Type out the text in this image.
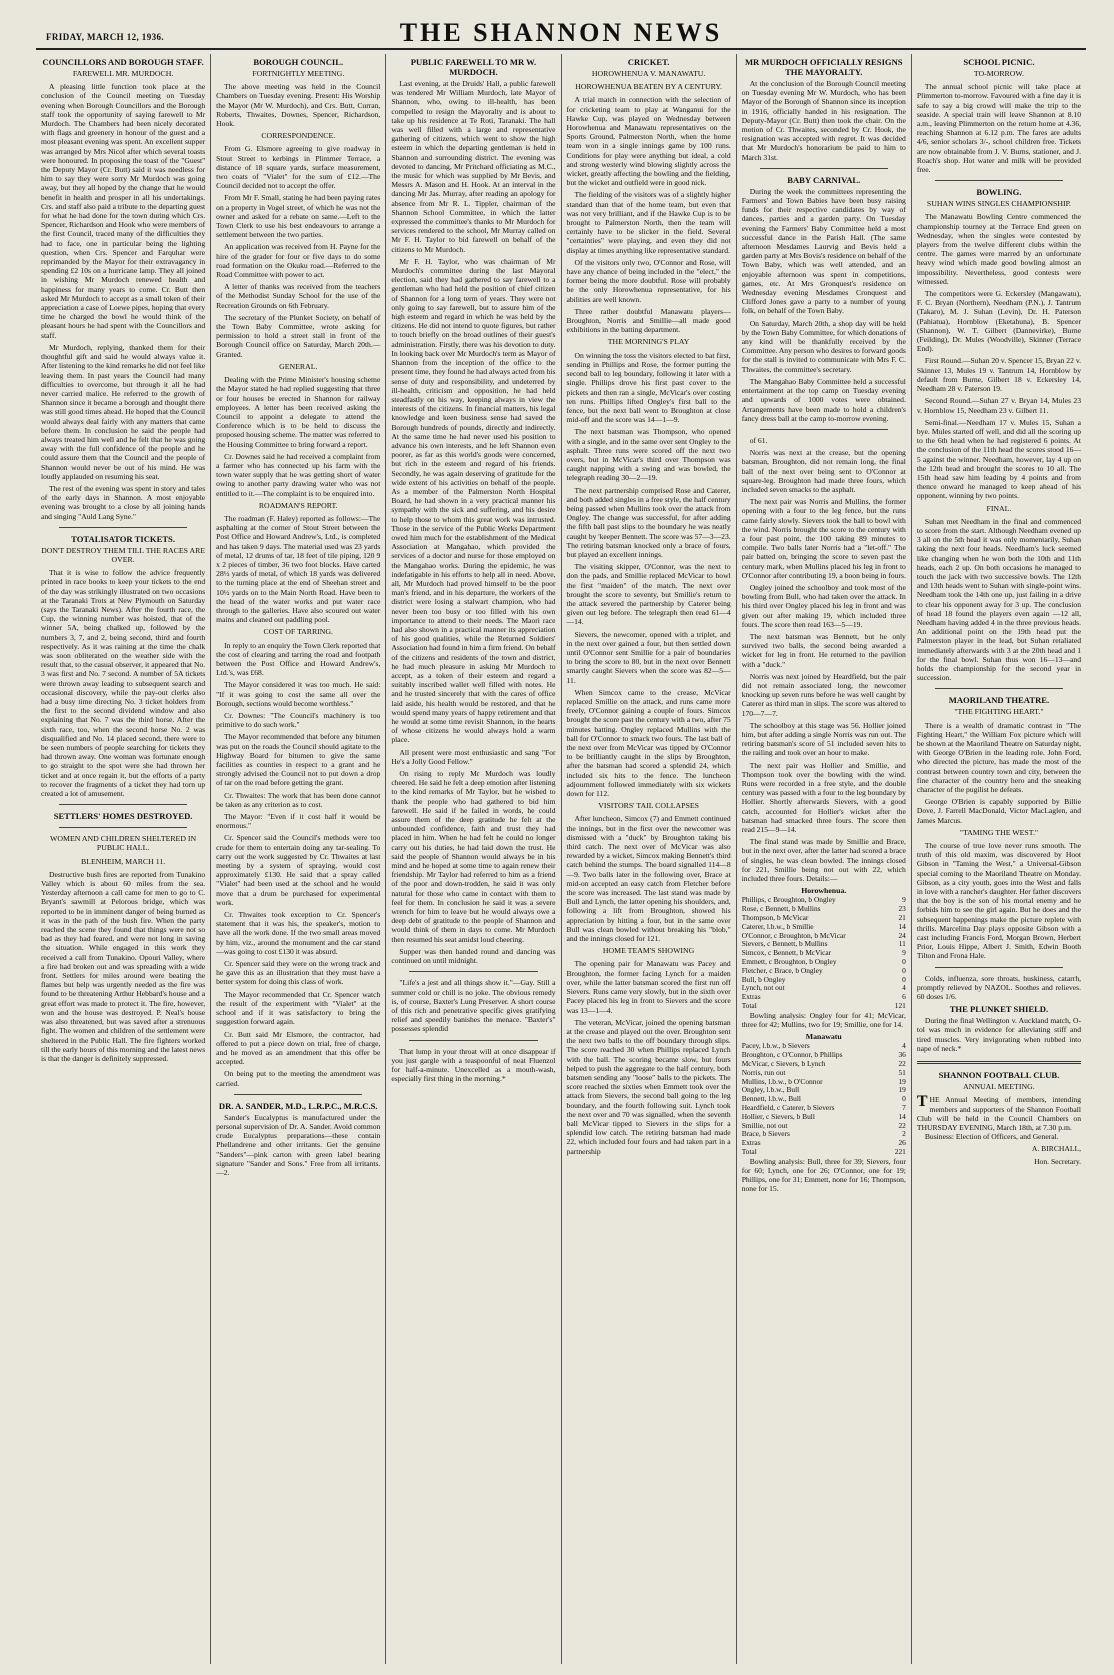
FRIDAY, MARCH 12, 1936.	THE SHANNON NEWS
COUNCILLORS AND BOROUGH STAFF.
FAREWELL MR. MURDOCH.

A pleasing little function took place at the conclusion of the Council meeting on Tuesday evening when Borough Councillors and the Borough staff took the opportunity of saying farewell to Mr Murdoch. The Chambers had been nicely decorated with flags and greenery in honour of the guest and a most pleasant evening was spent. An excellent supper was arranged by Mrs Nicol after which several toasts were honoured. In proposing the toast of the "Guest" the Deputy Mayor (Cr. Butt) said it was needless for him to say they were sorry Mr Murdoch was going away, but they all hoped by the change that he would benefit in health and prosper in all his undertakings. Crs. and staff also paid a tribute to the departing guest for what he had done for the town during which Crs. Spencer, Richardson and Hook who were members of the first Council, traced many of the difficulties they had to face, one in particular being the lighting question, when Crs. Spencer and Farquhar were reprimanded by the Mayor for their extravagancy in spending £2 10s on a hurricane lamp. They all joined in wishing Mr Murdoch renewed health and happiness for many years to come. Cr. Butt then asked Mr Murdoch to accept as a small token of their appreciation a case of Loewe pipes, hoping that every time he charged the bowl he would think of the pleasant hours he had spent with the Councillors and staff.

Mr Murdoch, replying, thanked them for their thoughtful gift and said he would always value it. After listening to the kind remarks he did not feel like leaving them. In past years the Council had many difficulties to overcome, but through it all he had never carried malice. He referred to the growth of Shannon since it became a borough and thought there was still good times ahead. He hoped that the Council would always deal fairly with any matters that came before them. In conclusion he said the people had always treated him well and he felt that he was going away with the full confidence of the people and he could assure them that the Council and the people of Shannon would never be out of his mind. He was loudly applauded on resuming his seat.

The rest of the evening was spent in story and tales of the early days in Shannon. A most enjoyable evening was brought to a close by all joining hands and singing "Auld Lang Syne."

TOTALISATOR TICKETS.
DON'T DESTROY THEM TILL THE RACES ARE OVER.

That it is wise to follow the advice frequently printed in race books to keep your tickets to the end of the day was strikingly illustrated on two occasions at the Taranaki Trots at New Plymouth on Saturday (says the Taranaki News). After the fourth race, the Cup, the winning number was hoisted, that of the winner 5A, being chalked up, followed by the numbers 3, 7, and 2, being second, third and fourth respectively. As it was raining at the time the chalk was soon obliterated on the weather side with the result that, to the casual observer, it appeared that No. 3 was first and No. 7 second. A number of 5A tickets were thrown away leading to subsequent search and occasional discovery, while the pay-out clerks also had a busy time directing No. 3 ticket holders from the first to the second dividend window and also explaining that No. 7 was the third horse. After the sixth race, too, when the second horse No. 2 was disqualified and No. 14 placed second, there were to be seen numbers of people searching for tickets they had thrown away. One woman was fortunate enough to go straight to the spot were she had thrown her ticket and at once regain it, but the efforts of a party to recover the fragments of a ticket they had torn up created a lot of amusement.

SETTLERS' HOMES DESTROYED.
WOMEN AND CHILDREN SHELTERED IN PUBLIC HALL.
BLENHEIM, MARCH 11.

Destructive bush fires are reported from Tunakino Valley which is about 60 miles from the sea. Yesterday afternoon a call came for men to go to C. Bryant's sawmill at Pelorous bridge, which was reported to be in imminent danger of being burned as it was in the path of the bush fire. When the party reached the scene they found that things were not so bad as they had feared, and were not long in saving the situation. While engaged in this work they received a call from Tunakino. Opouri Valley, where a fire had broken out and was spreading with a wide front. Settlers for miles around were beating the flames but help was urgently needed as the fire was found to be threatening Arthur Hebbard's house and a great effort was made to protect it. The fire, however, won and the house was destroyed. P. Neal's house was also threatened, but was saved after a strenuous fight. The women and children of the settlement were sheltered in the Public Hall. The fire fighters worked till the early hours of this morning and the latest news is that the danger is definitely suppressed.

BOROUGH COUNCIL.
FORTNIGHTLY MEETING.

The above meeting was held in the Council Chambers on Tuesday evening. Present: His Worship the Mayor (Mr W. Murdoch), and Crs. Butt, Curran, Roberts, Thwaites, Downes, Spencer, Richardson, Hook.

CORRESPONDENCE.

From G. Elsmore agreeing to give roadway in Stout Street to kerbings in Plimmer Terrace, a distance of 18 square yards, surface measurement, two coats of "Vialet" for the sum of £12.—The Council decided not to accept the offer.

From Mr F. Small, stating he had been paying rates on a property in Vogel street, of which he was not the owner and asked for a rebate on same.—Left to the Town Clerk to use his best endeavours to arrange a settlement between the two parties.

An application was received from H. Payne for the hire of the grader for four or five days to do some road formation on the Okuku road.—Referred to the Road Committee with power to act.

A letter of thanks was received from the teachers of the Methodist Sunday School for the use of the Recreation Grounds on 6th February.

The secretary of the Plunket Society, on behalf of the Town Baby Committee, wrote asking for permission to hold a street stall in front of the Borough Council office on Saturday, March 20th.—Granted.

GENERAL.

Dealing with the Prime Minister's housing scheme the Mayor stated he had replied suggesting that three or four houses be erected in Shannon for railway employees. A letter has been received asking the Council to appoint a delegate to attend the Conference which is to be held to discuss the proposed housing scheme. The matter was referred to the Housing Committee to bring forward a report.

Cr. Downes said he had received a complaint from a farmer who has connected up his farm with the town water supply that he was getting short of water owing to another party drawing water who was not entitled to it.—The complaint is to be enquired into.

ROADMAN'S REPORT.

The roadman (F. Haley) reported as follows:—The asphalting at the corner of Stout Street between the Post Office and Howard Andrew's, Ltd., is completed and has taken 9 days. The material used was 23 yards of metal, 12 drums of tar, 18 feet of tile piping, 120 9 x 2 pieces of timber, 36 two foot blocks. Have carted 28½ yards of metal, of which 18 yards was delivered to the turning place at the end of Sheehan street and 10½ yards on to the Main North Road. Have been to the head of the water works and put water race through to the galleries. Have also scoured out water mains and cleaned out paddling pool.

COST OF TARRING.

In reply to an enquiry the Town Clerk reported that the cost of clearing and tarring the road and footpath between the Post Office and Howard Andrew's, Ltd.'s, was £68.

The Mayor considered it was too much. He said: "If it was going to cost the same all over the Borough, sections would become worthless."

Cr. Downes: "The Council's machinery is too primitive to do such work."

The Mayor recommended that before any bitumen was put on the roads the Council should agitate to the Highway Board for bitumen to give the same facilities as counties in respect to a grant and he strongly advised the Council not to put down a drop of tar on the road before getting the grant.

Cr. Thwaites: The work that has been done cannot be taken as any criterion as to cost.

The Mayor: "Even if it cost half it would be enormous."

Cr. Spencer said the Council's methods were too crude for them to entertain doing any tar-sealing. To carry out the work suggested by Cr. Thwaites at last meeting by a system of spraying, would cost approximately £130. He said that a spray called "Vialet" had been used at the school and he would move that a drum be purchased for experimental work.

Cr. Thwaites took exception to Cr. Spencer's statement that it was his, the speaker's, motion to have all the work done. If the two small areas moved by him, viz., around the monument and the car stand—was going to cost £130 it was absurd.

Cr. Spencer said they were on the wrong track and he gave this as an illustration that they must have a better system for doing this class of work.

The Mayor recommended that Cr. Spencer watch the result of the experiment with "Vialet" at the school and if it was satisfactory to bring the suggestion forward again.

Cr. Butt said Mr Elsmore, the contractor, had offered to put a piece down on trial, free of charge, and he moved as an amendment that this offer be accepted.

On being put to the meeting the amendment was carried.

DR. A. SANDER, M.D., L.R.P.C., M.R.C.S.

Sander's Eucalyptus is manufactured under the personal supervision of Dr. A. Sander. Avoid common crude Eucalyptus preparations—these contain Phellandrene and other irritants. Get the genuine "Sanders"—pink carton with green label bearing signature "Sander and Sons." Free from all irritants.—2.

PUBLIC FAREWELL TO MR W. MURDOCH.

Last evening, at the Druids' Hall, a public farewell was tendered Mr William Murdoch, late Mayor of Shannon, who, owing to ill-health, has been compelled to resign the Mayoralty and is about to take up his residence at Te Roti, Taranaki. The hall was well filled with a large and representative gathering of citizens, which went to show the high esteem in which the departing gentleman is held in Shannon and surrounding district. The evening was devoted to dancing, Mr Pritchard officiating as M.C., the music for which was supplied by Mr Bevis, and Messrs A. Mason and H. Hook. At an interval in the dancing Mr Jas. Murray, after reading an apology for absence from Mr R. L. Tippler, chairman of the Shannon School Committee, in which the latter expressed the committee's thanks to Mr Murdoch for services rendered to the school, Mr Murray called on Mr F. H. Taylor to bid farewell on behalf of the citizens to Mr Murdoch.

Mr F. H. Taylor, who was chairman of Mr Murdoch's committee during the last Mayoral election, said they had gathered to say farewell to a gentleman who had held the position of chief citizen of Shannon for a long term of years. They were not only going to say farewell, but to assure him of the high esteem and regard in which he was held by the citizens. He did not intend to quote figures, but rather to touch briefly on the broad outlines of their guest's administration. Firstly, there was his devotion to duty. In looking back over Mr Murdoch's term as Mayor of Shannon from the inception of the office to the present time, they found he had always acted from his sense of duty and responsibility, and undeterred by ill-health, criticism and opposition, he had held steadfastly on his way, keeping always in view the interests of the citizens. In financial matters, his legal knowledge and keen business sense had saved the Borough hundreds of pounds, directly and indirectly. At the same time he had never used his position to advance his own interests, and he left Shannon even poorer, as far as this world's goods were concerned, but rich in the esteem and regard of his friends. Secondly, he was again deserving of gratitude for the wide extent of his activities on behalf of the people. As a member of the Palmerston North Hospital Board, he had shown in a very practical manner his sympathy with the sick and suffering, and his desire to help those to whom this great work was intrusted. Those in the service of the Public Works Department owed him much for the establishment of the Medical Association at Mangahao, which provided the services of a doctor and nurse for those employed on the Mangahao works. During the epidemic, he was indefatigable in his efforts to help all in need. Above, all, Mr Murdoch had proved himself to be the poor man's friend, and in his departure, the workers of the district were losing a stalwart champion, who had never been too busy or too filled with his own importance to attend to their needs. The Maori race had also shown in a practical manner its appreciation of his good qualities, while the Returned Soldiers' Association had found in him a firm friend. On behalf of the citizens and residents of the town and district, he had much pleasure in asking Mr Murdoch to accept, as a token of their esteem and regard a suitably inscribed wallet well filled with notes. He and he trusted sincerely that with the cares of office laid aside, his health would be restored, and that he would spend many years of happy retirement and that he would at some time revisit Shannon, in the hearts of whose citizens he would always hold a warm place.

All present were most enthusiastic and sang "For He's a Jolly Good Fellow."

On rising to reply Mr Murdoch was loudly cheered. He said he felt a deep emotion after listening to the kind remarks of Mr Taylor, but he wished to thank the people who had gathered to bid him farewell. He said if he failed in words, he could assure them of the deep gratitude he felt at the unbounded confidence, faith and trust they had placed in him. When he had felt he could no longer carry out his duties, he had laid down the trust. He said the people of Shannon would always be in his mind and he hoped at some time to again renew their friendship. Mr Taylor had referred to him as a friend of the poor and down-trodden, he said it was only natural for those who came in contact with them to feel for them. In conclusion he said it was a severe wrench for him to leave but he would always owe a deep debt of gratitude to the people of Shannon and would think of them in days to come. Mr Murdoch then resumed his seat amidst loud cheering.

Supper was then handed round and dancing was continued on until midnight.

"Life's a jest and all things show it."—Gay. Still a summer cold or chill is no joke. The obvious remedy is, of course, Baxter's Lung Preserver. A short course of this rich and penetrative specific gives gratifying relief and speedily banishes the menace. "Baxter's" possesses splendid

That lump in your throat will at once disappear if you just gargle with a teaspoonful of neat Fluenzol for half-a-minute. Unexcelled as a mouth-wash, especially first thing in the morning.*

CRICKET.
HOROWHENUA V. MANAWATU.
HOROWHENUA BEATEN BY A CENTURY.

A trial match in connection with the selection of for cricketing team to play at Wanganui for the Hawke Cup, was played on Wednesday between Horowhenua and Manawatu representatives on the Sports Ground, Palmerston North, when the home team won in a single innings game by 100 runs. Conditions for play were anything but ideal, a cold and strong westerly wind blowing slightly across the wicket, greatly affecting the bowling and the fielding, but the wicket and outfield were in good nick.

The fielding of the visitors was of a slightly higher standard than that of the home team, but even that was not very brilliant, and if the Hawke Cup is to be brought to Palmerston North, then the team will certainly have to be slicker in the field. Several "certainties" were playing, and even they did not display at times anything like representative standard.

Of the visitors only two, O'Connor and Rose, will have any chance of being included in the "elect," the former being the more doubtful. Rose will probably be the only Horowhenua representative, for his abilities are well known.

Three rather doubtful Manawatu players—Broughton, Norris and Smillie—all made good exhibitions in the batting department.

THE MORNING'S PLAY

On winning the toss the visitors elected to bat first, sending in Phillips and Rose, the former putting the second ball to leg boundary, following it later with a single. Phillips drove his first past cover to the pickets and then ran a single, McVicar's over costing ten runs. Phillips lifted Ongley's first ball to the fence, but the next ball went to Broughton at close mid-off and the score was 14—1—9.

The next batsman was Thompson, who opened with a single, and in the same over sent Ongley to the asphalt. Three runs were scored off the next two overs, but in McVicar's third over Thompson was caught napping with a swing and was bowled, the telegraph reading 30—2—19.

The next partnership comprised Rose and Caterer, and both added singles in a free style, the half century being passed when Mullins took over the attack from Ongley. The change was successful, for after adding the fifth ball past slips to the boundary he was neatly caught by 'keeper Bennett. The score was 57—3—23. The retiring batsman knocked only a brace of fours, but played an excellent innings.

The visiting skipper, O'Connor, was the next to don the pads, and Smillie replaced McVicar to bowl the first "maiden" of the match. The next over brought the score to seventy, but Smillie's return to the attack severed the partnership by Caterer being given out leg before. The telegraph then read 61—4—14.

Sievers, the newcomer, opened with a triplet, and in the next over gained a four, but then settled down until O'Connor sent Smillie for a pair of boundaries to bring the score to 80, but in the next over Bennett smartly caught Sievers when the score was 82—5—11.

When Simcox came to the crease, McVicar replaced Smillie on the attack, and runs came more freely, O'Connor gaining a couple of fours. Simcox brought the score past the century with a two, after 75 minutes batting. Ongley replaced Mullins with the ball for O'Connor to smack two fours. The last ball of the next over from McVicar was tipped by O'Connor to be brilliantly caught in the slips by Broughton, after the batsman had scored a splendid 24, which included six hits to the fence. The luncheon adjournment followed immediately with six wickets down for 112.

VISITORS' TAIL COLLAPSES

After luncheon, Simcox (7) and Emmett continued the innings, but in the first over the newcomer was dismissed with a "duck" by Broughton taking his third catch. The next over of McVicar was also rewarded by a wicket, Simcox making Bennett's third catch behind the stumps. The board signalled 114—8—9. Two balls later in the following over, Brace at mid-on accepted an easy catch from Fletcher before the score was increased. The last stand was made by Bull and Lynch, the latter opening his shoulders, and, following a lift from Broughton, showed his appreciation by hitting a four, but in the same over Bull was clean bowled without breaking his "blob," and the innings closed for 121.

HOME TEAM'S SHOWING

The opening pair for Manawatu was Pacey and Broughton, the former facing Lynch for a maiden over, while the latter batsman scored the first run off Sievers. Runs came very slowly, but in the sixth over Pacey placed his leg in front to Sievers and the score was 13—1—4.

The veteran, McVicar, joined the opening batsman at the crease and played out the over. Broughton sent the next two balls to the off boundary through slips. The score reached 30 when Phillips replaced Lynch with the ball. The scoring became slow, but fours helped to push the aggregate to the half century, both batsmen sending any "loose" balls to the pickets. The score reached the sixties when Emmett took over the attack from Sievers, the second ball going to the leg boundary, and the fourth following suit. Lynch took the next over and 70 was signalled, when the seventh ball McVicar tipped to Sievers in the slips for a splendid low catch. The retiring batsman had made 22, which included four fours and had taken part in a partnership

MR MURDOCH OFFICIALLY RESIGNS THE MAYORALTY.

At the conclusion of the Borough Council meeting on Tuesday evening Mr W. Murdoch, who has been Mayor of the Borough of Shannon since its inception in 1916, officially handed in his resignation. The Deputy-Mayor (Cr. Butt) then took the chair. On the motion of Cr. Thwaites, seconded by Cr. Hook, the resignation was accepted with regret. It was decided that Mr Murdoch's honorarium be paid to him to March 31st.

BABY CARNIVAL.

During the week the committees representing the Farmers' and Town Babies have been busy raising funds for their respective candidates by way of dances, parties and a garden party. On Tuesday evening the Farmers' Baby Committee held a most successful dance in the Parish Hall. (The same afternoon Mesdames Laurvig and Bevis held a garden party at Mrs Bovis's residence on behalf of the Town Baby, which was well attended, and an enjoyable afternoon was spent in competitions, games, etc. At Mrs Gronquest's residence on Wednesday evening Mesdames Cronquest and Clifford Jones gave a party to a number of young folk, on behalf of the Town Baby.

On Saturday, March 20th, a shop day will be held by the Town Baby Committee, for which donations of any kind will be thankfully received by the Committee. Any person who desires to forward goods for the stall is invited to communicate with Mrs F. C. Thwaites, the committee's secretary.

The Mangahao Baby Committee held a successful entertainment at the top camp on Tuesday evening and upwards of 1000 votes were obtained. Arrangements have been made to hold a children's fancy dress ball at the camp to-morrow evening.

of 61.

Norris was next at the crease, but the opening batsman, Broughton, did not remain long, the final ball of the next over being sent to O'Connor at square-leg. Broughton had made three fours, which included seven smacks to the asphalt.

The next pair was Norris and Mullins, the former opening with a four to the leg fence, but the runs came fairly slowly. Sievers took the ball to bowl with the wind. Norris brought the score to the century with a four past point, the 100 taking 89 minutes to compile. Two balls later Norris had a "let-off." The pair batted on, bringing the score to seven past the century mark, when Mullins placed his leg in front to O'Connor after contributing 19, a boon being in fours.

Ongley joined the schoolboy and took most of the bowling from Bull, who had taken over the attack. In his third over Ongley placed his leg in front and was given out after making 19, which included three fours. The score then read 163—5—19.

The next batsman was Bennett, but he only survived two balls, the second being awarded a wicket for leg in front. He returned to the pavilion with a "duck."

Norris was next joined by Heardfield, but the pair did not remain associated long, the newcomer knocking up seven runs before he was well caught by Caterer as third man in slips. The score was altered to 170—7—7.

The schoolboy at this stage was 56. Hollier joined him, but after adding a single Norris was run out. The retiring batsman's score of 51 included seven hits to the railing and took over an hour to make.

The next pair was Hollier and Smillie, and Thompson took over the bowling with the wind. Runs were recorded in a free style, and the double century was passed with a four to the leg boundary by Hollier. Shortly afterwards Sievers, with a good catch, accounted for Hollier's wicket after the batsman had smacked three fours. The score then read 215—9—14.

The final stand was made by Smillie and Brace, but in the next over, after the latter had scored a brace of singles, he was clean bowled. The innings closed for 221, Smillie being not out with 22, which included three fours. Details:—

Horowhenua.
Phillips, c Broughton, b Ongley	9
Rose, c Bennett, b Mullins	23
Thompson, b McVicar	21
Caterer, l.b.w., b Smillie	14
O'Connor, c Broughton, b McVicar	24
Sievers, c Bennett, b Mullins	11
Simcox, c Bennett, b McVicar	9
Emmett, c Broughton, b Ongley	0
Fletcher, c Brace, b Ongley	0
Bull, b Ongley	0
Lynch, not out	4
Extras	6
Total	121

Bowling analysis: Ongley four for 41; McVicar, three for 42; Mullins, two for 19; Smillie, one for 14.

Manawatu
Pacey, l.b.w., b Sievers	4
Broughton, c O'Connor, b Phillips	36
McVicar, c Sievers, b Lynch	22
Norris, run out	51
Mullins, l.b.w., b O'Connor	19
Ongley, l.b.w., Bull	19
Bennett, l.b.w., Bull	0
Heardfield, c Caterer, b Sievers	7
Hollier, c Sievers, b Bull	14
Smillie, not out	22
Brace, b Sievers	2
Extras	26
Total	221

Bowling analysis: Bull, three for 39; Sievers, four for 60; Lynch, one for 26; O'Connor, one for 19; Phillips, one for 31; Emmett, none for 16; Thompson, none for 15.

SCHOOL PICNIC.
TO-MORROW.

The annual school picnic will take place at Plimmerton to-morrow. Favoured with a fine day it is safe to say a big crowd will make the trip to the seaside. A special train will leave Shannon at 8.10 a.m., leaving Plimmerton on the return home at 4.36, reaching Shannon at 6.12 p.m. The fares are adults 4/6, senior scholars 3/-, school children free. Tickets are now obtainable from J. V. Burns, stationer, and J. Roach's shop. Hot water and milk will be provided free.

BOWLING.
SUHAN WINS SINGLES CHAMPIONSHIP.

The Manawatu Bowling Centre commenced the championship tourney at the Terrace End green on Wednesday, when the singles were contested by players from the twelve different clubs within the centre. The games were marred by an unfortunate heavy wind which made good bowling almost an impossibility. Nevertheless, good contests were witnessed.

The competitors were G. Eckersley (Mangawatu), F. C. Bryan (Northern), Needham (P.N.), J. Tantrum (Takaro), M. J. Suhan (Levin), Dr. H. Paterson (Pahiatua), Hornblow (Eketahuna), B. Spencer (Shannon), W. T. Gilbert (Dannevirke), Burne (Feilding), Dr. Mules (Woodville), Skinner (Terrace End).

First Round.—Suhan 20 v. Spencer 15, Bryan 22 v. Skinner 13, Mules 19 v. Tantrum 14, Hornblow by default from Burne, Gilbert 18 v. Eckersley 14, Needham 28 v. Paterson 19.

Second Round.—Suhan 27 v. Bryan 14, Mules 23 v. Hornblow 15, Needham 23 v. Gilbert 11.

Semi-final.—Needham 17 v. Mules 15, Suhan a bye. Mules started off well, and did all the scoring up to the 6th head when he had registered 6 points. At the conclusion of the 11th head the scores stood 16—5 against the winner. Needham, however, lay 4 up on the 12th head and brought the scores to 10 all. The 15th head saw him leading by 4 points and from thence onward he managed to keep ahead of his opponent, winning by two points.

FINAL.

Suhan met Needham in the final and commenced to score from the start. Although Needham evened up 3 all on the 5th head it was only momentarily, Suhan taking the next four heads. Needham's luck seemed like changing when he won both the 10th and 11th heads, each 2 up. On both occasions he managed to touch the jack with two successive bowls. The 12th and 13th heads went to Suhan with single-point wins. Needham took the 14th one up, just failing in a drive to clear his opponent away for 3 up. The conclusion of head 18 found the players even again —12 all, Needham having added 4 in the three previous heads. An additional point on the 19th head put the Palmerston player in the lead, but Suhan retaliated immediately afterwards with 3 at the 20th head and 1 for the final bowl. Suhan thus won 16—13—and holds the championship for the second year in succession.

MAORILAND THEATRE.
"THE FIGHTING HEART."

There is a wealth of dramatic contrast in "The Fighting Heart," the William Fox picture which will be shown at the Maoriland Theatre on Saturday night, with George O'Brien in the leading role. John Ford, who directed the picture, has made the most of the contrast between country town and city, between the fine character of the country hero and the sneaking character of the pugilist he defeats.

George O'Brien is capably supported by Billie Dove, J. Farrell MacDonald, Victor MacLaglen, and James Marcus.

"TAMING THE WEST."

The course of true love never runs smooth. The truth of this old maxim, was discovered by Hoot Gibson in "Taming the West," a Universal-Gibson special coming to the Maoriland Theatre on Monday. Gibson, as a city youth, goes into the West and falls in love with a rancher's daughter. Her father discovers that the boy is the son of his mortal enemy and he forbids him to see the girl again. But he does and the subsequent happenings make the picture replete with thrills. Marcelina Day plays opposite Gibson with a cast including Francis Ford, Morgan Brown, Herbert Prior, Louis Hippe, Albert J. Smith, Edwin Booth Tilton and Frona Hale.

Colds, influenza, sore throats, huskiness, catarrh, promptly relieved by NAZOL. Soothes and relieves. 60 doses 1/6.

THE PLUNKET SHIELD.

During the final Wellington v. Auckland match, O-tol was much in evidence for alleviating stiff and tired muscles. Very invigorating when rubbed into nape of neck.*

SHANNON FOOTBALL CLUB.
ANNUAL MEETING.
THE Annual Meeting of members, intending members and supporters of the Shannon Football Club will be held in the Council Chambers on THURSDAY EVENING, March 18th, at 7.30 p.m.

Business: Election of Officers, and General.

A. BIRCHALL,
Hon. Secretary.
